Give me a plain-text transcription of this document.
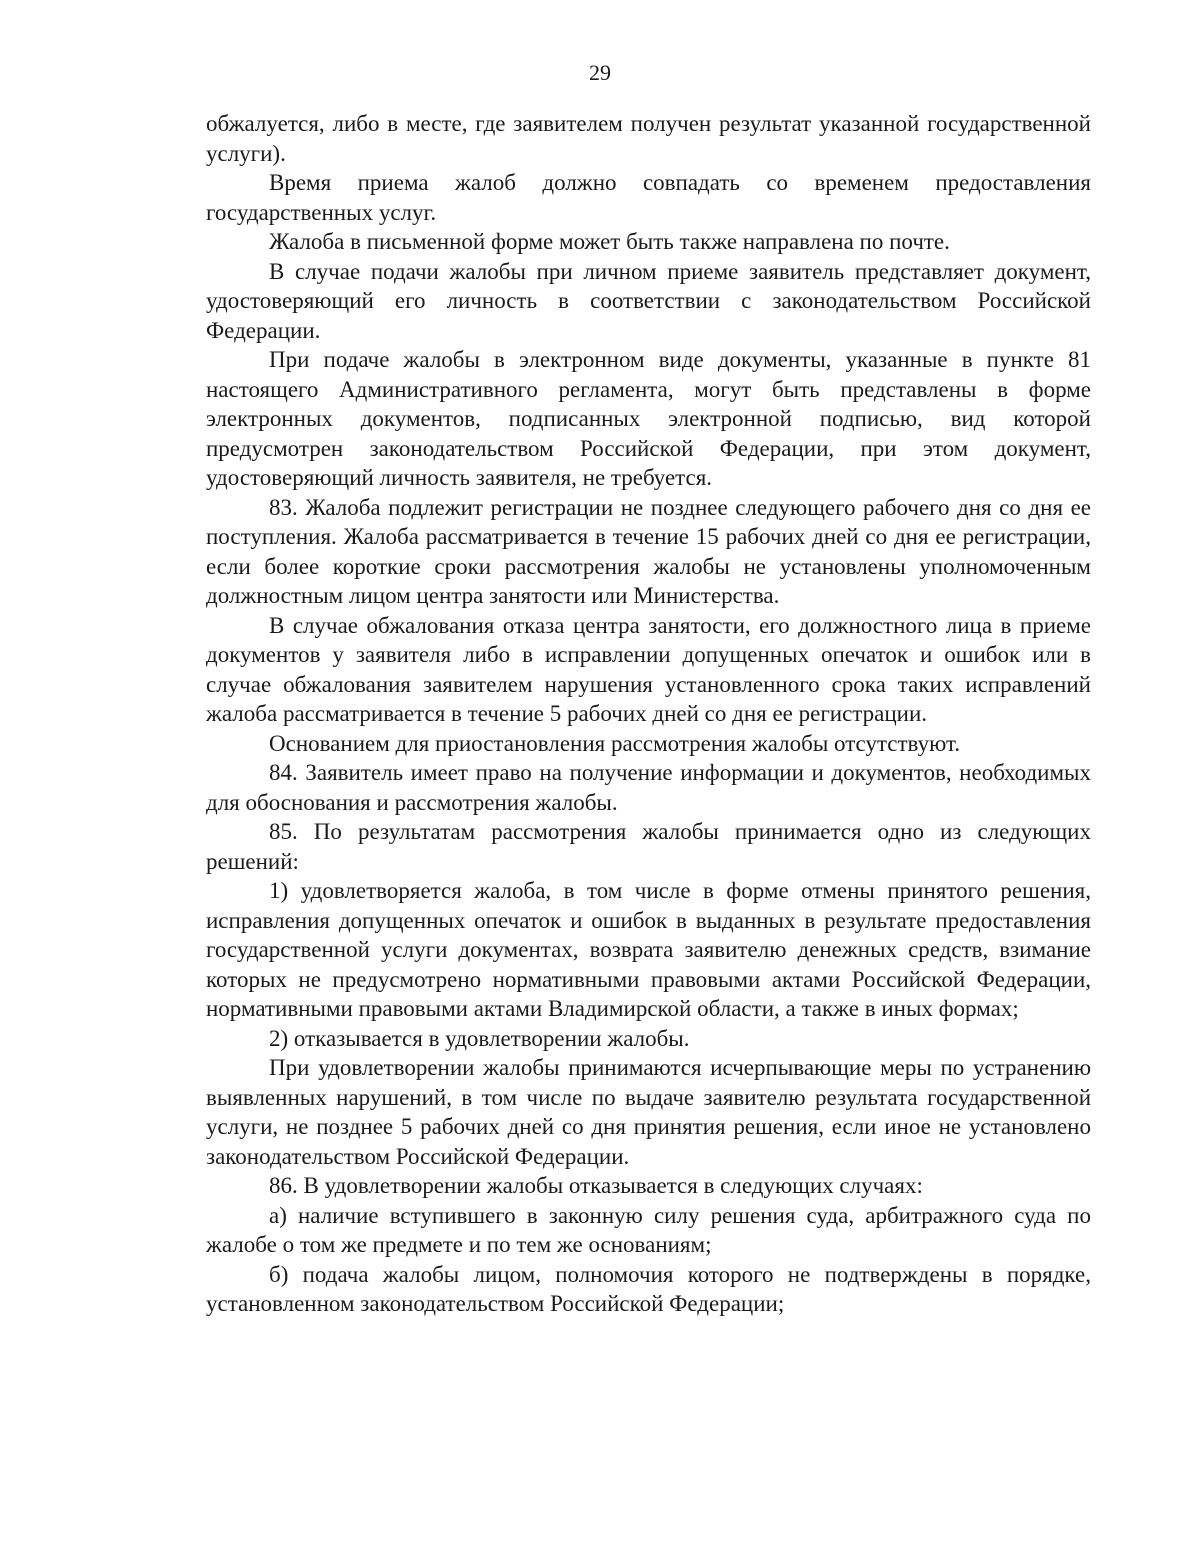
29

обжалуется, либо в месте, где заявителем получен результат указанной государственной услуги).

Время приема жалоб должно совпадать со временем предоставления государственных услуг.

Жалоба в письменной форме может быть также направлена по почте.

В случае подачи жалобы при личном приеме заявитель представляет документ, удостоверяющий его личность в соответствии с законодательством Российской Федерации.

При подаче жалобы в электронном виде документы, указанные в пункте 81 настоящего Административного регламента, могут быть представлены в форме электронных документов, подписанных электронной подписью, вид которой предусмотрен законодательством Российской Федерации, при этом документ, удостоверяющий личность заявителя, не требуется.

83. Жалоба подлежит регистрации не позднее следующего рабочего дня со дня ее поступления. Жалоба рассматривается в течение 15 рабочих дней со дня ее регистрации, если более короткие сроки рассмотрения жалобы не установлены уполномоченным должностным лицом центра занятости или Министерства.

В случае обжалования отказа центра занятости, его должностного лица в приеме документов у заявителя либо в исправлении допущенных опечаток и ошибок или в случае обжалования заявителем нарушения установленного срока таких исправлений жалоба рассматривается в течение 5 рабочих дней со дня ее регистрации.

Основанием для приостановления рассмотрения жалобы отсутствуют.

84. Заявитель имеет право на получение информации и документов, необходимых для обоснования и рассмотрения жалобы.

85. По результатам рассмотрения жалобы принимается одно из следующих решений:

1) удовлетворяется жалоба, в том числе в форме отмены принятого решения, исправления допущенных опечаток и ошибок в выданных в результате предоставления государственной услуги документах, возврата заявителю денежных средств, взимание которых не предусмотрено нормативными правовыми актами Российской Федерации, нормативными правовыми актами Владимирской области, а также в иных формах;

2) отказывается в удовлетворении жалобы.

При удовлетворении жалобы принимаются исчерпывающие меры по устранению выявленных нарушений, в том числе по выдаче заявителю результата государственной услуги, не позднее 5 рабочих дней со дня принятия решения, если иное не установлено законодательством Российской Федерации.

86. В удовлетворении жалобы отказывается в следующих случаях:

а) наличие вступившего в законную силу решения суда, арбитражного суда по жалобе о том же предмете и по тем же основаниям;

б) подача жалобы лицом, полномочия которого не подтверждены в порядке, установленном законодательством Российской Федерации;
